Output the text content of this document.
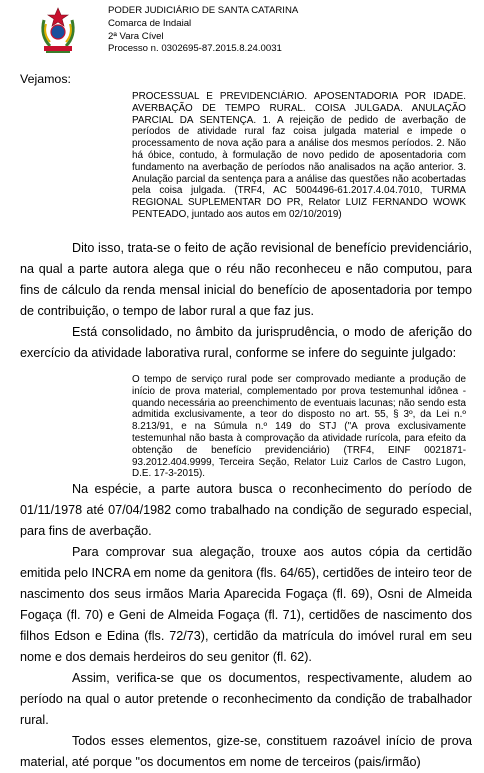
PODER JUDICIÁRIO DE SANTA CATARINA
Comarca de Indaial
2ª Vara Cível
Processo n. 0302695-87.2015.8.24.0031
Vejamos:
PROCESSUAL E PREVIDENCIÁRIO. APOSENTADORIA POR IDADE. AVERBAÇÃO DE TEMPO RURAL. COISA JULGADA. ANULAÇÃO PARCIAL DA SENTENÇA. 1. A rejeição de pedido de averbação de períodos de atividade rural faz coisa julgada material e impede o processamento de nova ação para a análise dos mesmos períodos. 2. Não há óbice, contudo, à formulação de novo pedido de aposentadoria com fundamento na averbação de períodos não analisados na ação anterior. 3. Anulação parcial da sentença para a análise das questões não acobertadas pela coisa julgada. (TRF4, AC 5004496-61.2017.4.04.7010, TURMA REGIONAL SUPLEMENTAR DO PR, Relator LUIZ FERNANDO WOWK PENTEADO, juntado aos autos em 02/10/2019)
Dito isso, trata-se o feito de ação revisional de benefício previdenciário, na qual a parte autora alega que o réu não reconheceu e não computou, para fins de cálculo da renda mensal inicial do benefício de aposentadoria por tempo de contribuição, o tempo de labor rural a que faz jus.
Está consolidado, no âmbito da jurisprudência, o modo de aferição do exercício da atividade laborativa rural, conforme se infere do seguinte julgado:
O tempo de serviço rural pode ser comprovado mediante a produção de início de prova material, complementado por prova testemunhal idônea - quando necessária ao preenchimento de eventuais lacunas; não sendo esta admitida exclusivamente, a teor do disposto no art. 55, § 3º, da Lei n.º 8.213/91, e na Súmula n.º 149 do STJ ("A prova exclusivamente testemunhal não basta à comprovação da atividade rurícola, para efeito da obtenção de benefício previdenciário) (TRF4, EINF 0021871-93.2012.404.9999, Terceira Seção, Relator Luiz Carlos de Castro Lugon, D.E. 17-3-2015).
Na espécie, a parte autora busca o reconhecimento do período de 01/11/1978 até 07/04/1982 como trabalhado na condição de segurado especial, para fins de averbação.
Para comprovar sua alegação, trouxe aos autos cópia da certidão emitida pelo INCRA em nome da genitora (fls. 64/65), certidões de inteiro teor de nascimento dos seus irmãos Maria Aparecida Fogaça (fl. 69), Osni de Almeida Fogaça (fl. 70) e Geni de Almeida Fogaça (fl. 71), certidões de nascimento dos filhos Edson e Edina (fls. 72/73), certidão da matrícula do imóvel rural em seu nome e dos demais herdeiros do seu genitor (fl. 62).
Assim, verifica-se que os documentos, respectivamente, aludem ao período na qual o autor pretende o reconhecimento da condição de trabalhador rural.
Todos esses elementos, gize-se, constituem razoável início de prova material, até porque "os documentos em nome de terceiros (pais/irmão)
